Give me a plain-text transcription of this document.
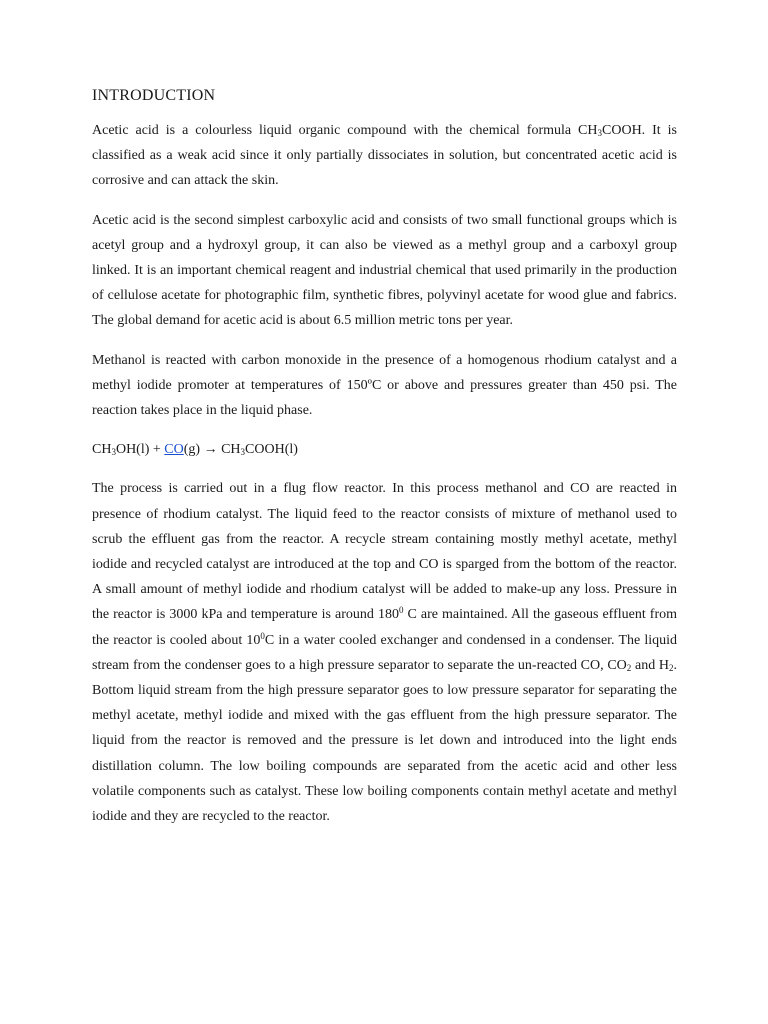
INTRODUCTION

Acetic acid is a colourless liquid organic compound with the chemical formula $CH_3COOH$. It is classified as a weak acid since it only partially dissociates in solution, but concentrated acetic acid is corrosive and can attack the skin.

Acetic acid is the second simplest carboxylic acid and consists of two small functional groups which is acetyl group and a hydroxyl group, it can also be viewed as a methyl group and a carboxyl group linked. It is an important chemical reagent and industrial chemical that used primarily in the production of cellulose acetate for photographic film, synthetic fibres, polyvinyl acetate for wood glue and fabrics. The global demand for acetic acid is about 6.5 million metric tons per year.

Methanol is reacted with carbon monoxide in the presence of a homogenous rhodium catalyst and a methyl iodide promoter at temperatures of 150ºC or above and pressures greater than 450 psi. The reaction takes place in the liquid phase.

$CH_3OH(l) + CO(g)$ → $CH_3COOH(l)$

The process is carried out in a flug flow reactor. In this process methanol and CO are reacted in presence of rhodium catalyst. The liquid feed to the reactor consists of mixture of methanol used to scrub the effluent gas from the reactor. A recycle stream containing mostly methyl acetate, methyl iodide and recycled catalyst are introduced at the top and CO is sparged from the bottom of the reactor. A small amount of methyl iodide and rhodium catalyst will be added to make-up any loss. Pressure in the reactor is 3000 kPa and temperature is around $180^0$ C are maintained. All the gaseous effluent from the reactor is cooled about $10^0C$ in a water cooled exchanger and condensed in a condenser. The liquid stream from the condenser goes to a high pressure separator to separate the un-reacted CO, $CO_2$ and $H_2$. Bottom liquid stream from the high pressure separator goes to low pressure separator for separating the methyl acetate, methyl iodide and mixed with the gas effluent from the high pressure separator. The liquid from the reactor is removed and the pressure is let down and introduced into the light ends distillation column. The low boiling compounds are separated from the acetic acid and other less volatile components such as catalyst. These low boiling components contain methyl acetate and methyl iodide and they are recycled to the reactor.
